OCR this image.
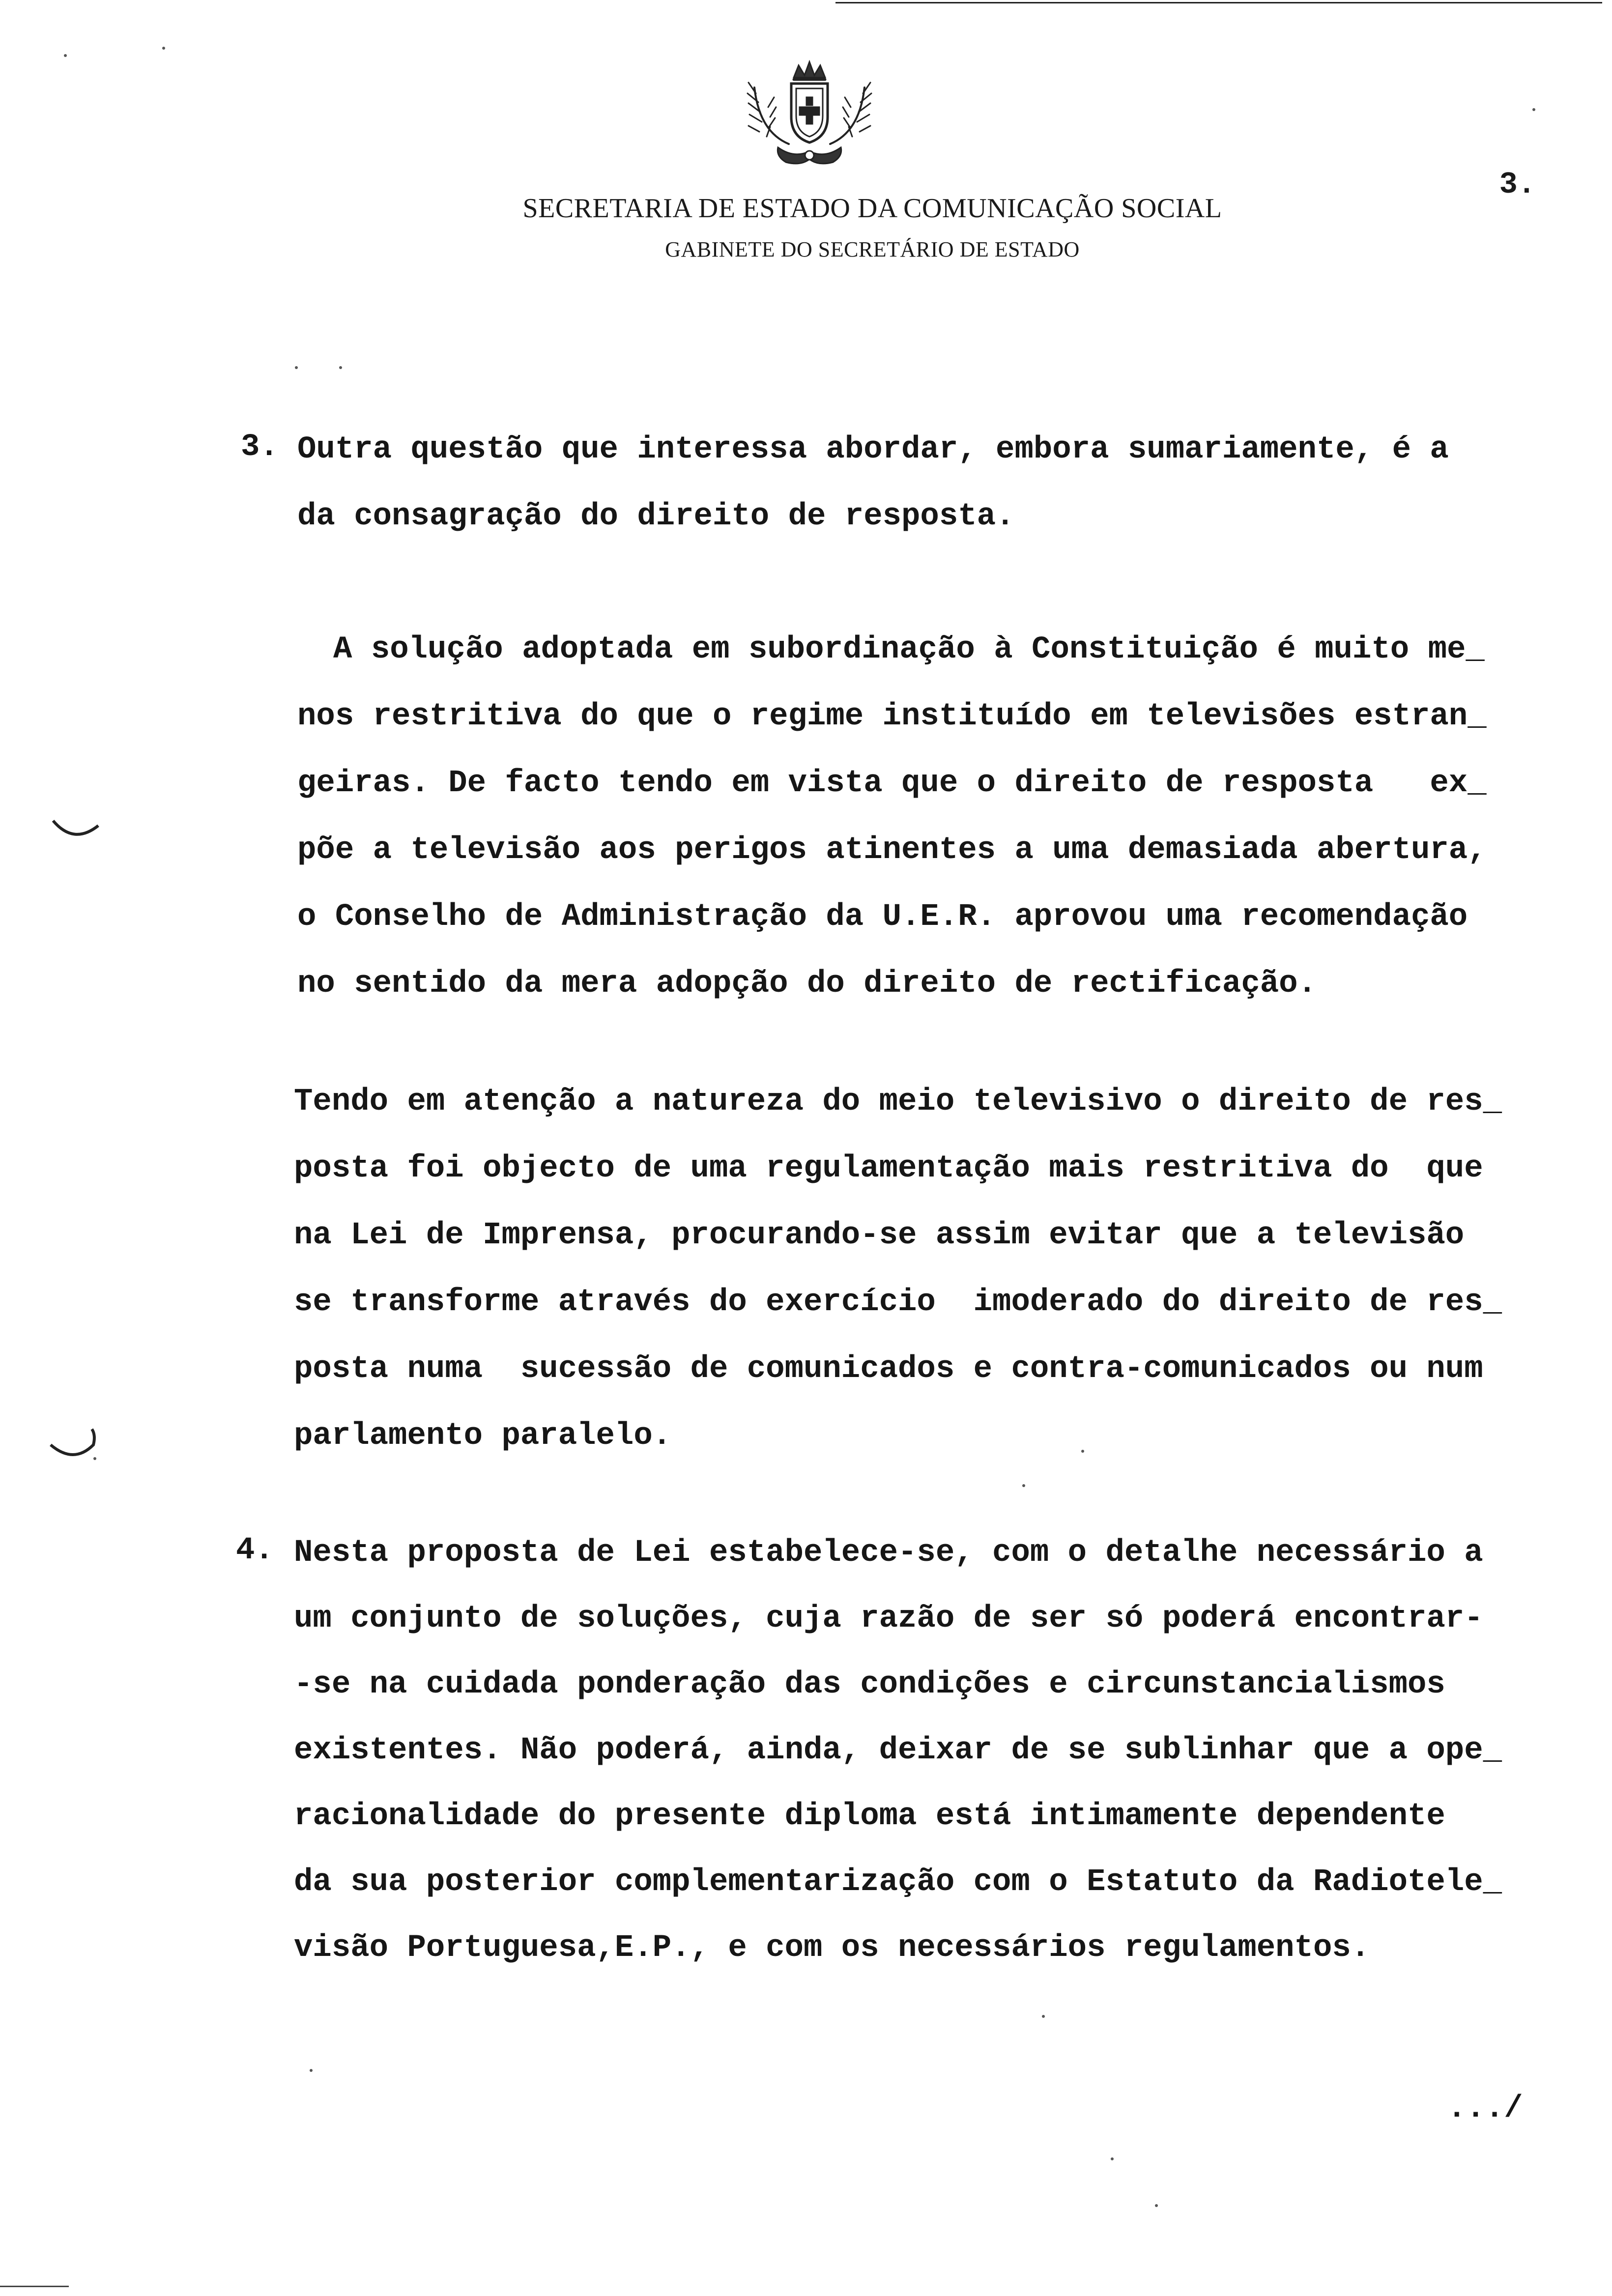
SECRETARIA DE ESTADO DA COMUNICAÇÃO SOCIAL
GABINETE DO SECRETÁRIO DE ESTADO
3.
3. Outra questão que interessa abordar, embora sumariamente, é a
da consagração do direito de resposta.
A solução adoptada em subordinação à Constituição é muito me_
nos restritiva do que o regime instituído em televisões estran_
geiras. De facto tendo em vista que o direito de resposta   ex_
põe a televisão aos perigos atinentes a uma demasiada abertura,
o Conselho de Administração da U.E.R. aprovou uma recomendação
no sentido da mera adopção do direito de rectificação.
Tendo em atenção a natureza do meio televisivo o direito de res_
posta foi objecto de uma regulamentação mais restritiva do  que
na Lei de Imprensa, procurando-se assim evitar que a televisão
se transforme através do exercício  imoderado do direito de res_
posta numa  sucessão de comunicados e contra-comunicados ou num
parlamento paralelo.
4. Nesta proposta de Lei estabelece-se, com o detalhe necessário a
um conjunto de soluções, cuja razão de ser só poderá encontrar-
-se na cuidada ponderação das condições e circunstancialismos
existentes. Não poderá, ainda, deixar de se sublinhar que a ope_
racionalidade do presente diploma está intimamente dependente
da sua posterior complementarização com o Estatuto da Radiotele_
visão Portuguesa,E.P., e com os necessários regulamentos.
...​/
